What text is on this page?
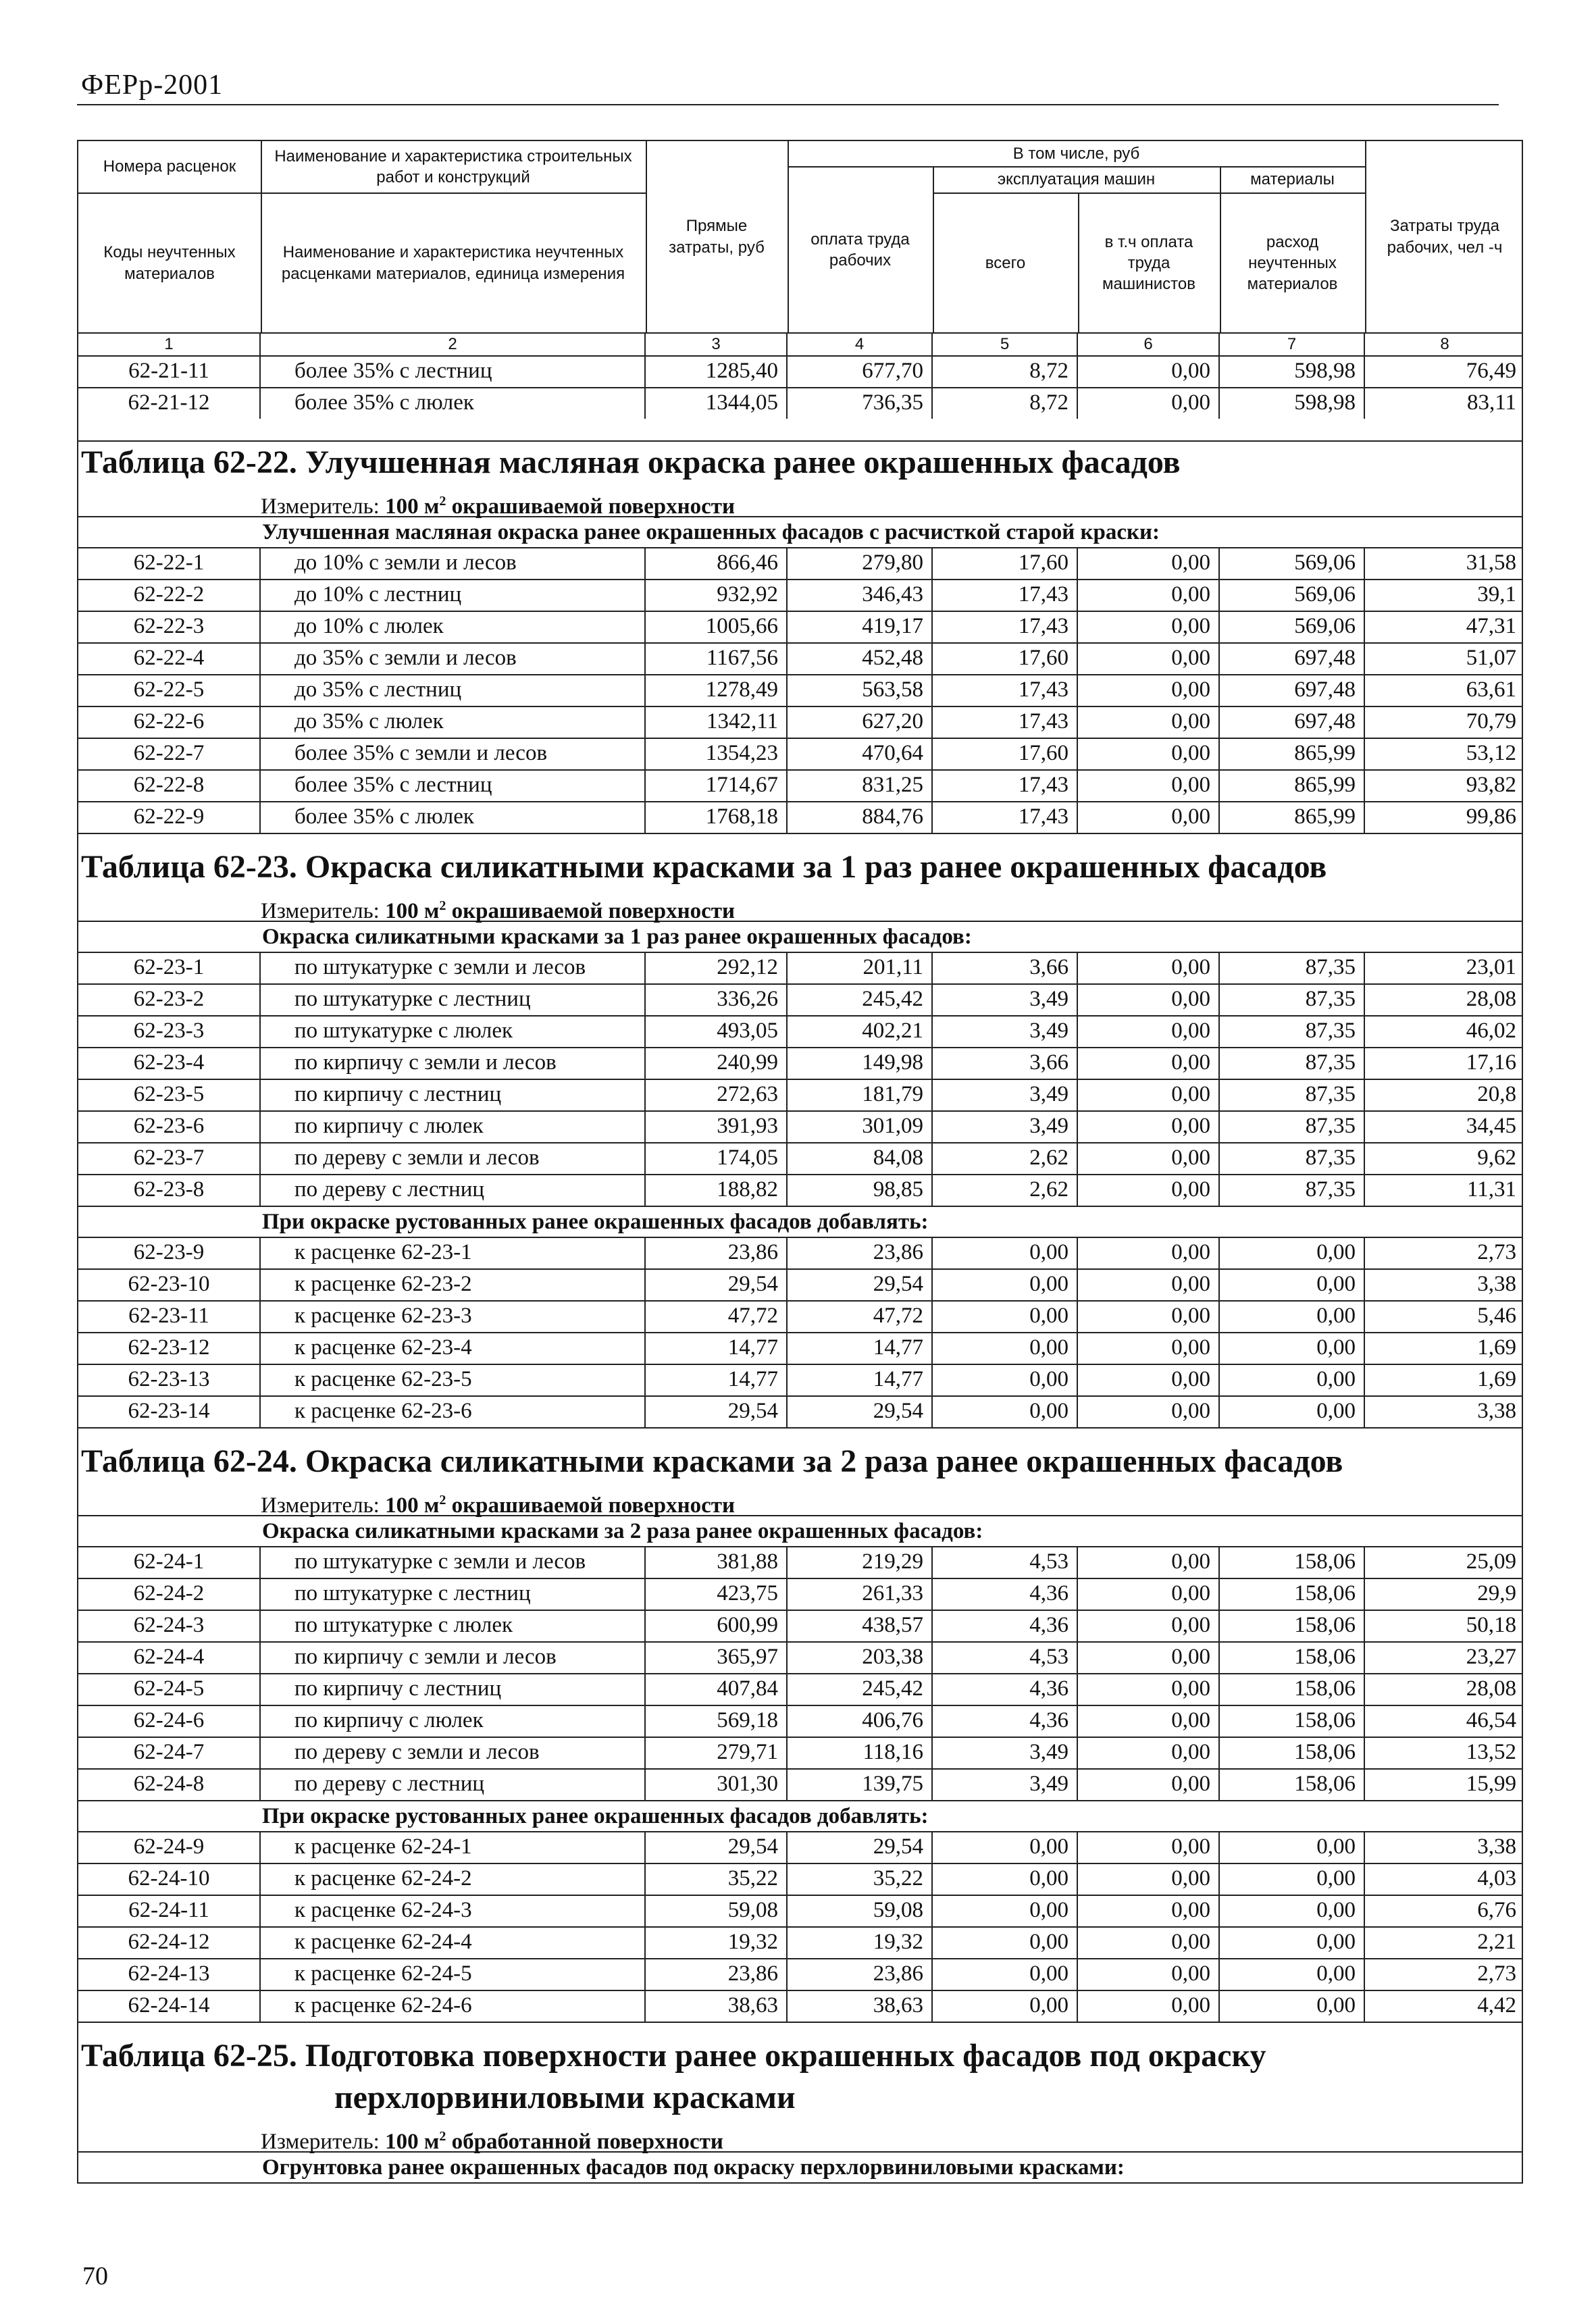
ФЕРр-2001
Номера расценок
Коды неучтенных материалов
Наименование и характеристика строительных работ и конструкций
Наименование и характеристика неучтенных расценками материалов, единица измерения
Прямые затраты, руб
В том числе, руб
эксплуатация машин	материалы
оплата труда рабочих	всего
в т.ч оплата труда машинистов
расход неучтенных материалов
Затраты труда рабочих, чел -ч
1	2	3	4	5	6	7	8
62-21-11	более 35% с лестниц	1285,40	677,70	8,72	0,00	598,98	76,49
62-21-12	более 35% с люлек	1344,05	736,35	8,72	0,00	598,98	83,11
Таблица 62-22. Улучшенная масляная окраска ранее окрашенных фасадов
Измеритель: 100 $м^2$ окрашиваемой поверхности
Улучшенная масляная окраска ранее окрашенных фасадов с расчисткой старой краски:
62-22-1	до 10% с земли и лесов	866,46	279,80	17,60	0,00	569,06	31,58
62-22-2	до 10% с лестниц	932,92	346,43	17,43	0,00	569,06	39,1
62-22-3	до 10% с люлек	1005,66	419,17	17,43	0,00	569,06	47,31
62-22-4	до 35% с земли и лесов	1167,56	452,48	17,60	0,00	697,48	51,07
62-22-5	до 35% с лестниц	1278,49	563,58	17,43	0,00	697,48	63,61
62-22-6	до 35% с люлек	1342,11	627,20	17,43	0,00	697,48	70,79
62-22-7	более 35% с земли и лесов	1354,23	470,64	17,60	0,00	865,99	53,12
62-22-8	более 35% с лестниц	1714,67	831,25	17,43	0,00	865,99	93,82
62-22-9	более 35% с люлек	1768,18	884,76	17,43	0,00	865,99	99,86
Таблица 62-23. Окраска силикатными красками за 1 раз ранее окрашенных фасадов
Измеритель: 100 $м^2$ окрашиваемой поверхности
Окраска силикатными красками за 1 раз ранее окрашенных фасадов:
62-23-1	по штукатурке с земли и лесов	292,12	201,11	3,66	0,00	87,35	23,01
62-23-2	по штукатурке с лестниц	336,26	245,42	3,49	0,00	87,35	28,08
62-23-3	по штукатурке с люлек	493,05	402,21	3,49	0,00	87,35	46,02
62-23-4	по кирпичу с земли и лесов	240,99	149,98	3,66	0,00	87,35	17,16
62-23-5	по кирпичу с лестниц	272,63	181,79	3,49	0,00	87,35	20,8
62-23-6	по кирпичу с люлек	391,93	301,09	3,49	0,00	87,35	34,45
62-23-7	по дереву с земли и лесов	174,05	84,08	2,62	0,00	87,35	9,62
62-23-8	по дереву с лестниц	188,82	98,85	2,62	0,00	87,35	11,31
При окраске рустованных ранее окрашенных фасадов добавлять:
62-23-9	к расценке 62-23-1	23,86	23,86	0,00	0,00	0,00	2,73
62-23-10	к расценке 62-23-2	29,54	29,54	0,00	0,00	0,00	3,38
62-23-11	к расценке 62-23-3	47,72	47,72	0,00	0,00	0,00	5,46
62-23-12	к расценке 62-23-4	14,77	14,77	0,00	0,00	0,00	1,69
62-23-13	к расценке 62-23-5	14,77	14,77	0,00	0,00	0,00	1,69
62-23-14	к расценке 62-23-6	29,54	29,54	0,00	0,00	0,00	3,38
Таблица 62-24. Окраска силикатными красками за 2 раза ранее окрашенных фасадов
Измеритель: 100 $м^2$ окрашиваемой поверхности
Окраска силикатными красками за 2 раза ранее окрашенных фасадов:
62-24-1	по штукатурке с земли и лесов	381,88	219,29	4,53	0,00	158,06	25,09
62-24-2	по штукатурке с лестниц	423,75	261,33	4,36	0,00	158,06	29,9
62-24-3	по штукатурке с люлек	600,99	438,57	4,36	0,00	158,06	50,18
62-24-4	по кирпичу с земли и лесов	365,97	203,38	4,53	0,00	158,06	23,27
62-24-5	по кирпичу с лестниц	407,84	245,42	4,36	0,00	158,06	28,08
62-24-6	по кирпичу с люлек	569,18	406,76	4,36	0,00	158,06	46,54
62-24-7	по дереву с земли и лесов	279,71	118,16	3,49	0,00	158,06	13,52
62-24-8	по дереву с лестниц	301,30	139,75	3,49	0,00	158,06	15,99
При окраске рустованных ранее окрашенных фасадов добавлять:
62-24-9	к расценке 62-24-1	29,54	29,54	0,00	0,00	0,00	3,38
62-24-10	к расценке 62-24-2	35,22	35,22	0,00	0,00	0,00	4,03
62-24-11	к расценке 62-24-3	59,08	59,08	0,00	0,00	0,00	6,76
62-24-12	к расценке 62-24-4	19,32	19,32	0,00	0,00	0,00	2,21
62-24-13	к расценке 62-24-5	23,86	23,86	0,00	0,00	0,00	2,73
62-24-14	к расценке 62-24-6	38,63	38,63	0,00	0,00	0,00	4,42
Таблица 62-25. Подготовка поверхности ранее окрашенных фасадов под окраску
перхлорвиниловыми красками
Измеритель: 100 $м^2$ обработанной поверхности
Огрунтовка ранее окрашенных фасадов под окраску перхлорвиниловыми красками:
70
